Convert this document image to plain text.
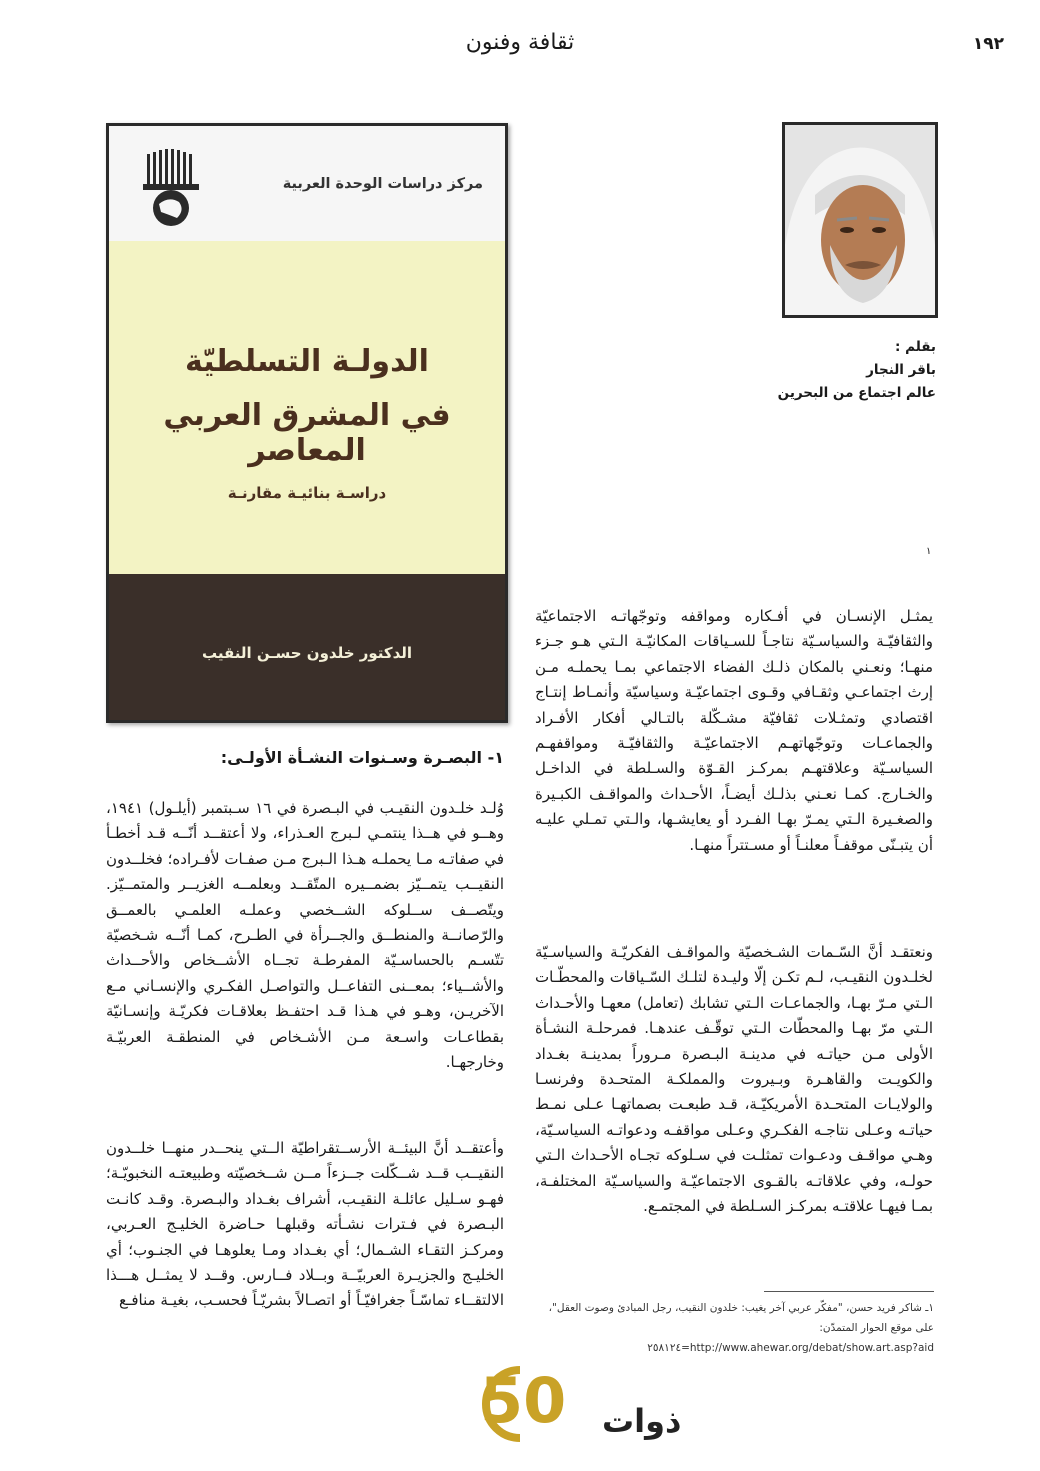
١٩٢
ثقافة وفنون
بقلم :
باقر النجار
عالم اجتماع من البحرين
١
مركز دراسات الوحدة العربية
الدولـة التسلطيّة
في المشرق العربي المعاصر
دراسـة بنائيـة مقارنـة
الدكتور خلدون حسـن النقيب
يمثـل الإنسـان في أفـكاره ومواقفه وتوجّهاتـه الاجتماعيّة والثقافيّـة والسياسـيّة نتاجـاً للسـياقات المكانيّـة الـتي هـو جـزء منهـا؛ ونعـني بالمكان ذلـك الفضاء الاجتماعي بمـا يحملـه مـن إرث اجتماعـي وثقـافي وقـوى اجتماعيّـة وسياسيّة وأنمـاط إنتـاج اقتصادي وتمثـلات ثقافيّة مشـكّلة بالتـالي أفكار الأفـراد والجماعـات وتوجّهاتهـم الاجتماعيّـة والثقافيّـة ومواقفهـم السياسـيّة وعلاقتهـم بمركـز القـوّة والسـلطة في الداخـل والخـارج. كمـا نعـني بذلـك أيضـاً، الأحـداث والمواقـف الكبـيرة والصغـيرة الـتي يمـرّ بهـا الفـرد أو يعايشـها، والـتي تمـلي عليـه أن يتبـنّى موقفـاً معلنـاً أو مسـتتراً منهـا.
ونعتقـد أنَّ السّـمات الشـخصيّة والمواقـف الفكريّـة والسياسـيّة لخلـدون النقيـب، لـم تكـن إلّا وليـدة لتلـك السّـياقات والمحطّـات الـتي مـرّ بهـا، والجماعـات الـتي تشابك (تعامل) معهـا والأحـداث الـتي مرّ بهـا والمحطّات الـتي توقّـف عندهـا. فمرحلـة النشـأة الأولى مـن حياتـه في مدينـة البـصرة مـروراً بمدينـة بغـداد والكويـت والقاهـرة وبـيروت والمملكـة المتحـدة وفرنسـا والولايـات المتحـدة الأمريكيّـة، قـد طبعـت بصماتهـا عـلى نمـط حياتـه وعـلى نتاجـه الفكـري وعـلى مواقفـه ودعواتـه السياسـيّة، وهـي مواقـف ودعـوات تمثلـت في سـلوكه تجـاه الأحـداث الـتي حولـه، وفي علاقاتـه بالقـوى الاجتماعيّـة والسياسـيّة المختلفـة، بمـا فيهـا علاقتـه بمركـز السـلطة في المجتمـع.
١- البصـرة وسـنوات النشـأة الأولـى:
وُلـد خلـدون النقيـب في البـصرة في ١٦ سـبتمبر (أيلـول) ١٩٤١، وهــو في هــذا ينتمـي لـبرج العـذراء، ولا أعتقــد أنّــه قـد أخطـأ في صفاتـه مـا يحملـه هـذا الـبرج مـن صفـات لأفـراده؛ فخلــدون النقيــب يتمــيّز بضمــيره المتّقــد وبعلمــه الغزيــر والمتمــيّز. ويتّصــف ســلوكه الشــخصي وعملـه العلمـي بالعمــق والرّصانــة والمنطــق والجــرأة في الطـرح، كمـا أنّــه شـخصيّة تتّسـم بالحساسـيّة المفرطـة تجــاه الأشــخاص والأحــداث والأشــياء؛ بمعــنى التفاعــل والتواصـل الفكـري والإنسـاني مـع الآخريـن، وهـو في هـذا قـد احتفـظ بعلاقـات فكريّـة وإنسـانيّة بقطاعـات واسـعة مـن الأشـخاص في المنطقـة العربيّـة وخارجهـا.
وأعتقــد أنَّ البيئــة الأرســتقراطيّة الــتي ينحــدر منهــا خلــدون النقيــب قــد شــكّلت جــزءاً مــن شــخصيّته وطبيعتـه النخبويّـة؛ فهـو سـليل عائلـة النقيـب، أشراف بغـداد والبـصرة. وقـد كانـت البـصرة في فـترات نشـأته وقبلهـا حـاضرة الخليـج العـربي، ومركـز التقـاء الشـمال؛ أي بغـداد ومـا يعلوهـا في الجنـوب؛ أي الخليـج والجزيـرة العربيّــة وبــلاد فــارس. وقــد لا يمثــل هـــذا الالتقــاء تماسّـاً جغرافيّـاً أو اتصـالاً بشريّـاً فحسـب، بغيـة منافـع	١ـ شاكر فريد حسن، "مفكّر عربي آخر يغيب: خلدون النقيب، رجل المبادئ وصوت العقل"، على موقع الحوار المتمدّن:
٢٥٨١٢٤=http://www.ahewar.org/debat/show.art.asp?aid
50 ذوات
